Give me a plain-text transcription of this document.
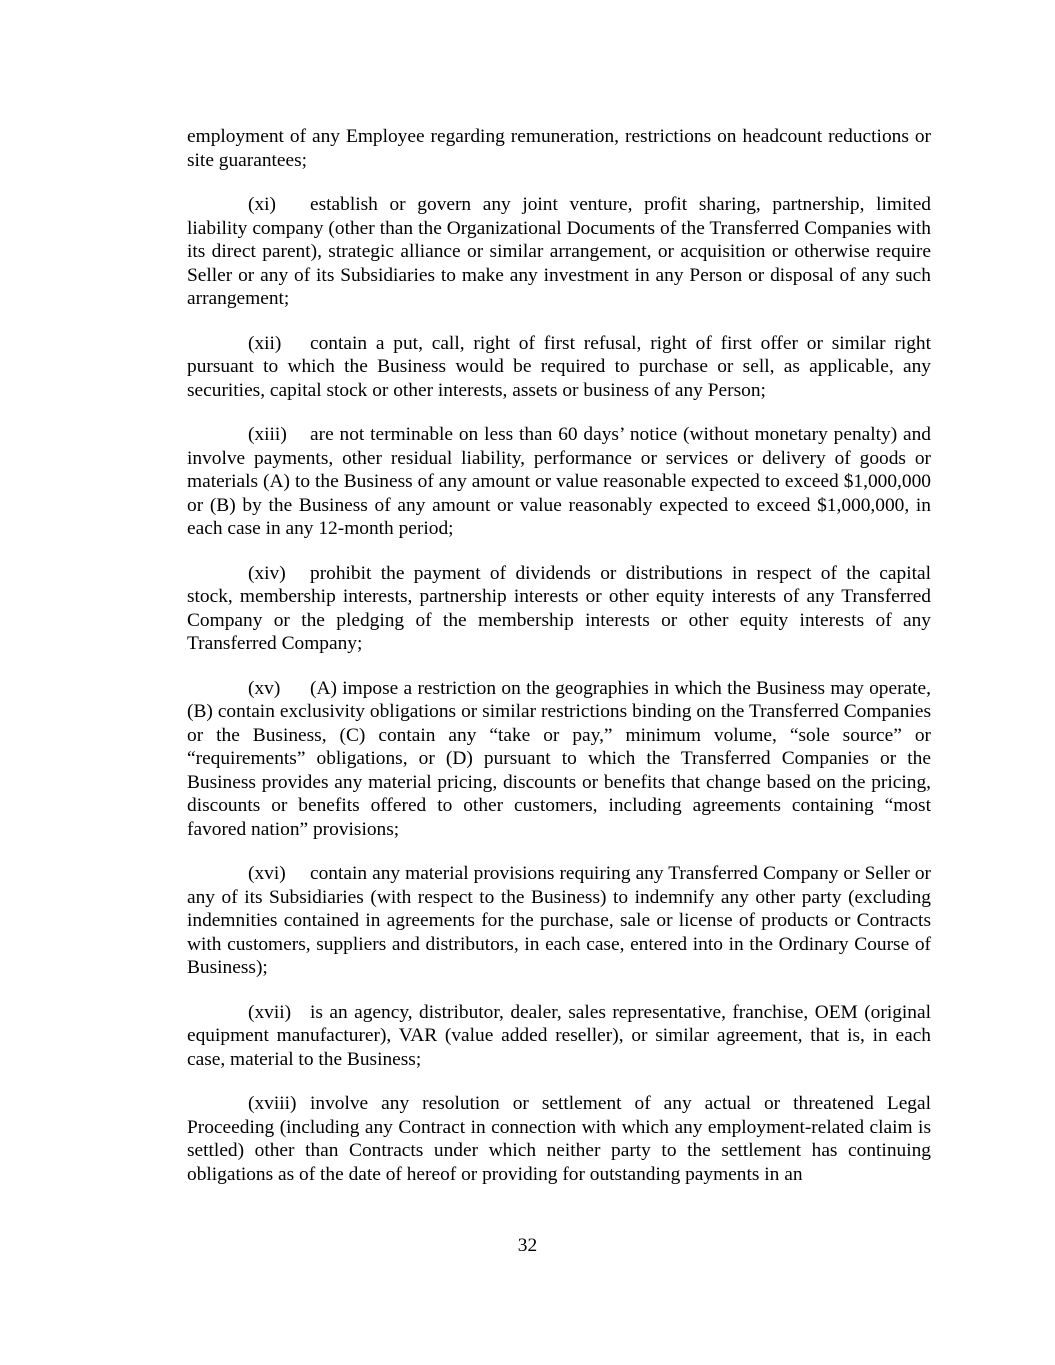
employment of any Employee regarding remuneration, restrictions on headcount reductions or site guarantees;

(xi) establish or govern any joint venture, profit sharing, partnership, limited liability company (other than the Organizational Documents of the Transferred Companies with its direct parent), strategic alliance or similar arrangement, or acquisition or otherwise require Seller or any of its Subsidiaries to make any investment in any Person or disposal of any such arrangement;

(xii) contain a put, call, right of first refusal, right of first offer or similar right pursuant to which the Business would be required to purchase or sell, as applicable, any securities, capital stock or other interests, assets or business of any Person;

(xiii) are not terminable on less than 60 days’ notice (without monetary penalty) and involve payments, other residual liability, performance or services or delivery of goods or materials (A) to the Business of any amount or value reasonable expected to exceed $1,000,000 or (B) by the Business of any amount or value reasonably expected to exceed $1,000,000, in each case in any 12-month period;

(xiv) prohibit the payment of dividends or distributions in respect of the capital stock, membership interests, partnership interests or other equity interests of any Transferred Company or the pledging of the membership interests or other equity interests of any Transferred Company;

(xv) (A) impose a restriction on the geographies in which the Business may operate, (B) contain exclusivity obligations or similar restrictions binding on the Transferred Companies or the Business, (C) contain any “take or pay,” minimum volume, “sole source” or “requirements” obligations, or (D) pursuant to which the Transferred Companies or the Business provides any material pricing, discounts or benefits that change based on the pricing, discounts or benefits offered to other customers, including agreements containing “most favored nation” provisions;

(xvi) contain any material provisions requiring any Transferred Company or Seller or any of its Subsidiaries (with respect to the Business) to indemnify any other party (excluding indemnities contained in agreements for the purchase, sale or license of products or Contracts with customers, suppliers and distributors, in each case, entered into in the Ordinary Course of Business);

(xvii) is an agency, distributor, dealer, sales representative, franchise, OEM (original equipment manufacturer), VAR (value added reseller), or similar agreement, that is, in each case, material to the Business;

(xviii) involve any resolution or settlement of any actual or threatened Legal Proceeding (including any Contract in connection with which any employment-related claim is settled) other than Contracts under which neither party to the settlement has continuing obligations as of the date of hereof or providing for outstanding payments in an

32
